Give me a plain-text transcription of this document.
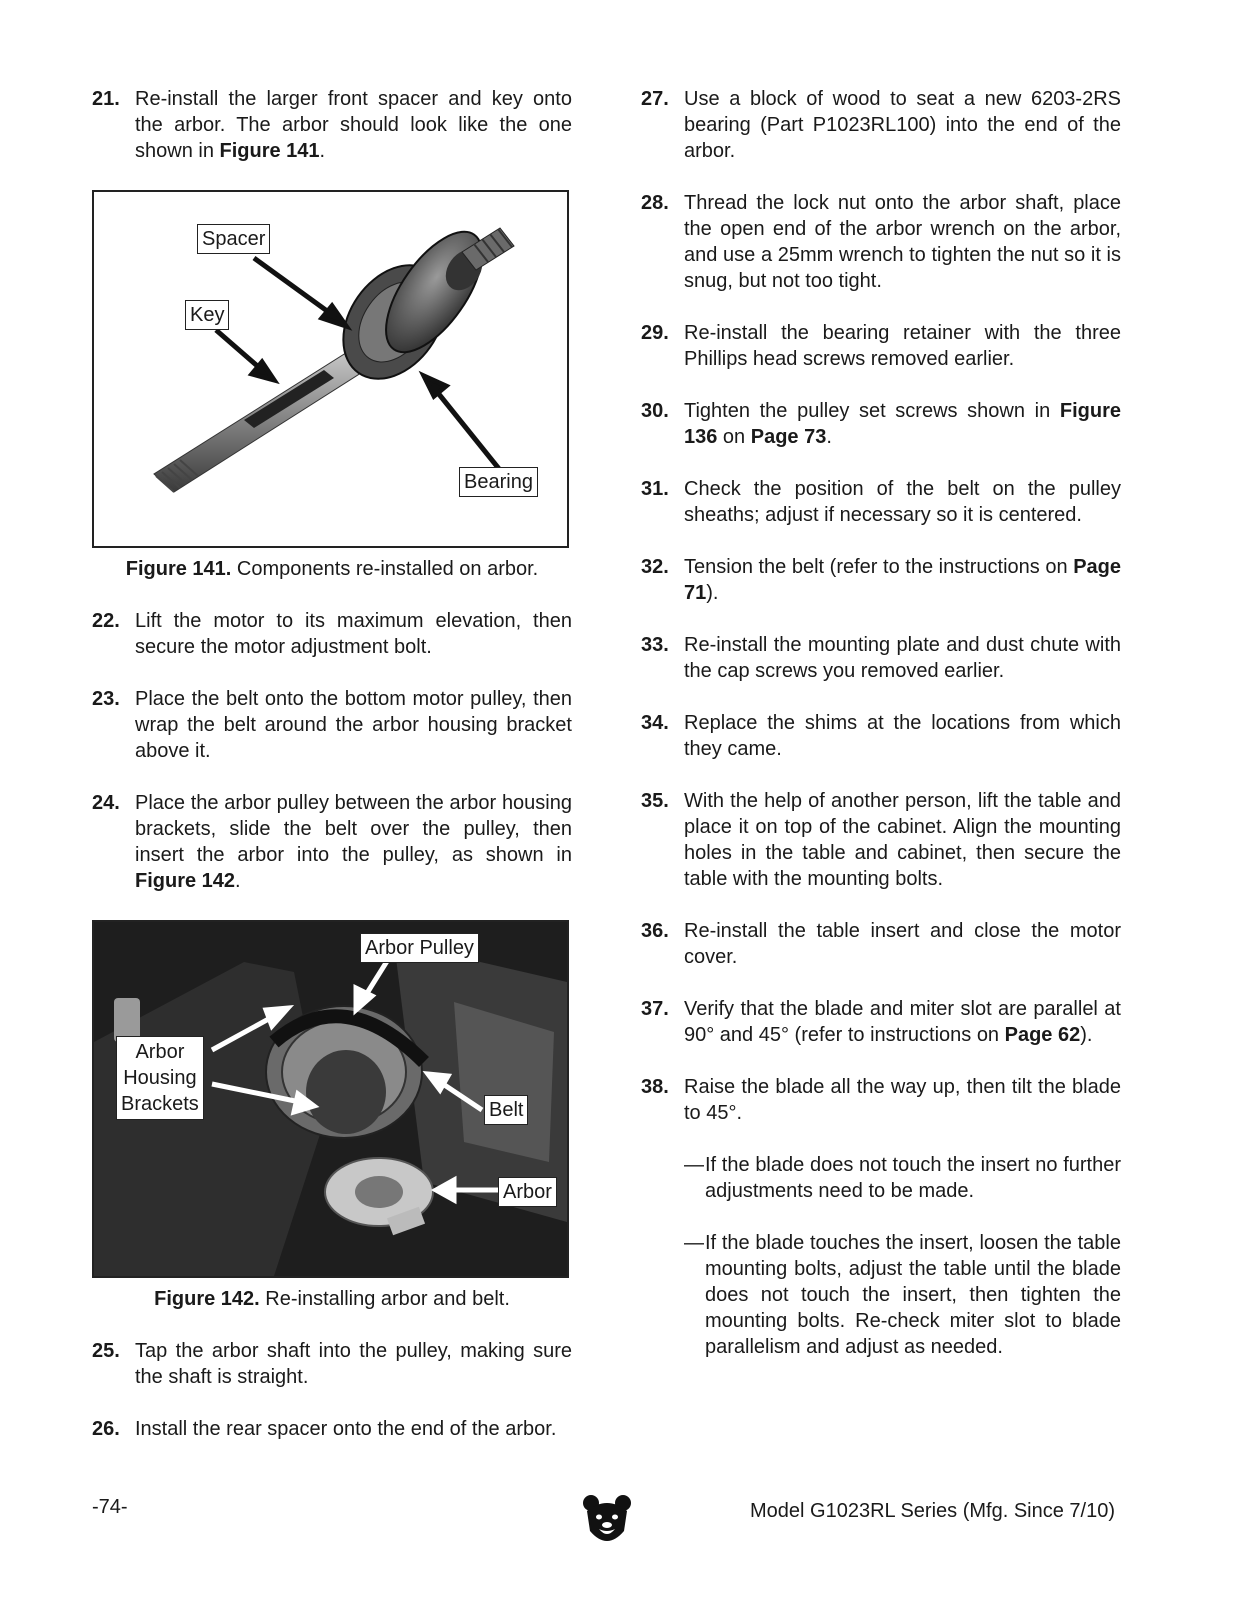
21. Re-install the larger front spacer and key onto the arbor. The arbor should look like the one shown in Figure 141.
Spacer
Key
Bearing
Figure 141. Components re-installed on arbor.
22. Lift the motor to its maximum elevation, then secure the motor adjustment bolt.
23. Place the belt onto the bottom motor pulley, then wrap the belt around the arbor housing bracket above it.
24. Place the arbor pulley between the arbor housing brackets, slide the belt over the pulley, then insert the arbor into the pulley, as shown in Figure 142.
Arbor Pulley
Arbor
Housing
Brackets	Belt
Arbor
Figure 142. Re-installing arbor and belt.
25. Tap the arbor shaft into the pulley, making sure the shaft is straight.
26. Install the rear spacer onto the end of the arbor.
27. Use a block of wood to seat a new 6203-2RS bearing (Part P1023RL100) into the end of the arbor.
28. Thread the lock nut onto the arbor shaft, place the open end of the arbor wrench on the arbor, and use a 25mm wrench to tighten the nut so it is snug, but not too tight.
29. Re-install the bearing retainer with the three Phillips head screws removed earlier.
30. Tighten the pulley set screws shown in Figure 136 on Page 73.
31. Check the position of the belt on the pulley sheaths; adjust if necessary so it is centered.
32. Tension the belt (refer to the instructions on Page 71).
33. Re-install the mounting plate and dust chute with the cap screws you removed earlier.
34. Replace the shims at the locations from which they came.
35. With the help of another person, lift the table and place it on top of the cabinet. Align the mounting holes in the table and cabinet, then secure the table with the mounting bolts.
36. Re-install the table insert and close the motor cover.
37. Verify that the blade and miter slot are parallel at 90° and 45° (refer to instructions on Page 62).
38. Raise the blade all the way up, then tilt the blade to 45°.
— If the blade does not touch the insert no further adjustments need to be made.
— If the blade touches the insert, loosen the table mounting bolts, adjust the table until the blade does not touch the insert, then tighten the mounting bolts. Re-check miter slot to blade parallelism and adjust as needed.
-74-	Model G1023RL Series (Mfg. Since 7/10)
